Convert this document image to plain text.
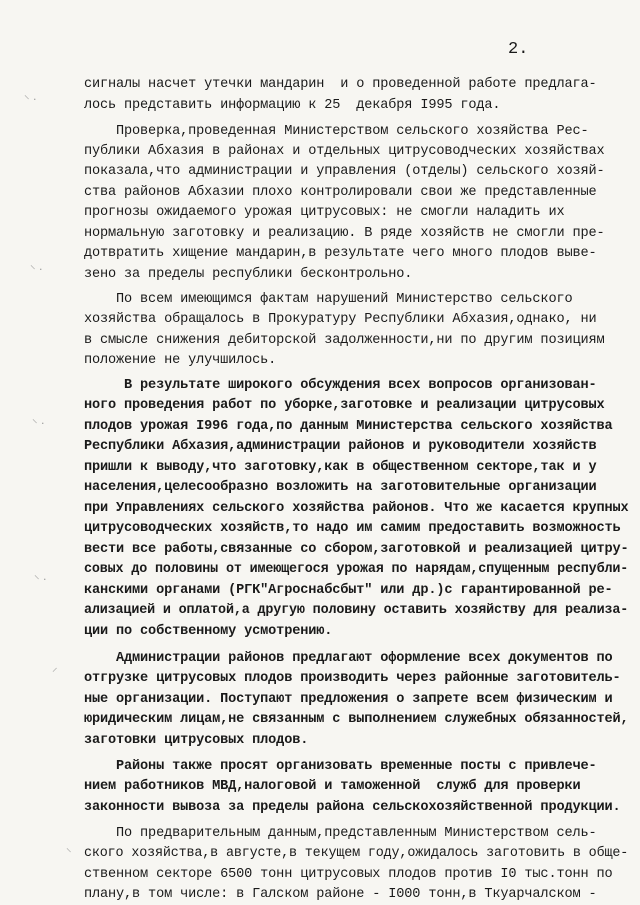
2.
сигналы насчет утечки мандарин  и о проведенной работе предлага-
лось представить информацию к 25  декабря I995 года.
Проверка,проведенная Министерством сельского хозяйства Рес-
публики Абхазия в районах и отдельных цитрусоводческих хозяйствах
показала,что администрации и управления (отделы) сельского хозяй-
ства районов Абхазии плохо контролировали свои же представленные
прогнозы ожидаемого урожая цитрусовых: не смогли наладить их
нормальную заготовку и реализацию. В ряде хозяйств не смогли пре-
дотвратить хищение мандарин,в результате чего много плодов выве-
зено за пределы республики бесконтрольно.
По всем имеющимся фактам нарушений Министерство сельского
хозяйства обращалось в Прокуратуру Республики Абхазия,однако, ни
в смысле снижения дебиторской задолженности,ни по другим позициям
положение не улучшилось.
В результате широкого обсуждения всех вопросов организован-
ного проведения работ по уборке,заготовке и реализации цитрусовых
плодов урожая I996 года,по данным Министерства сельского хозяйства
Республики Абхазия,администрации районов и руководители хозяйств
пришли к выводу,что заготовку,как в общественном секторе,так и у
населения,целесообразно возложить на заготовительные организации
при Управлениях сельского хозяйства районов. Что же касается крупных
цитрусоводческих хозяйств,то надо им самим предоставить возможность
вести все работы,связанные со сбором,заготовкой и реализацией цитру-
совых до половины от имеющегося урожая по нарядам,спущенным республи-
канскими органами (РГК"Агроснабсбыт" или др.)с гарантированной ре-
ализацией и оплатой,а другую половину оставить хозяйству для реализа-
ции по собственному усмотрению.
Администрации районов предлагают оформление всех документов по
отгрузке цитрусовых плодов производить через районные заготовитель-
ные организации. Поступают предложения о запрете всем физическим и
юридическим лицам,не связанным с выполнением служебных обязанностей,
заготовки цитрусовых плодов.
Районы также просят организовать временные посты с привлече-
нием работников МВД,налоговой и таможенной  служб для проверки
законности вывоза за пределы района сельскохозяйственной продукции.
По предварительным данным,представленным Министерством сель-
ского хозяйства,в августе,в текущем году,ожидалось заготовить в обще-
ственном секторе 6500 тонн цитрусовых плодов против I0 тыс.тонн по
плану,в том числе: в Галском районе - I000 тонн,в Ткуарчалском -
⸌ ·
⸌ ·
⸌ ·
⸌ ·
⸝
⸌
